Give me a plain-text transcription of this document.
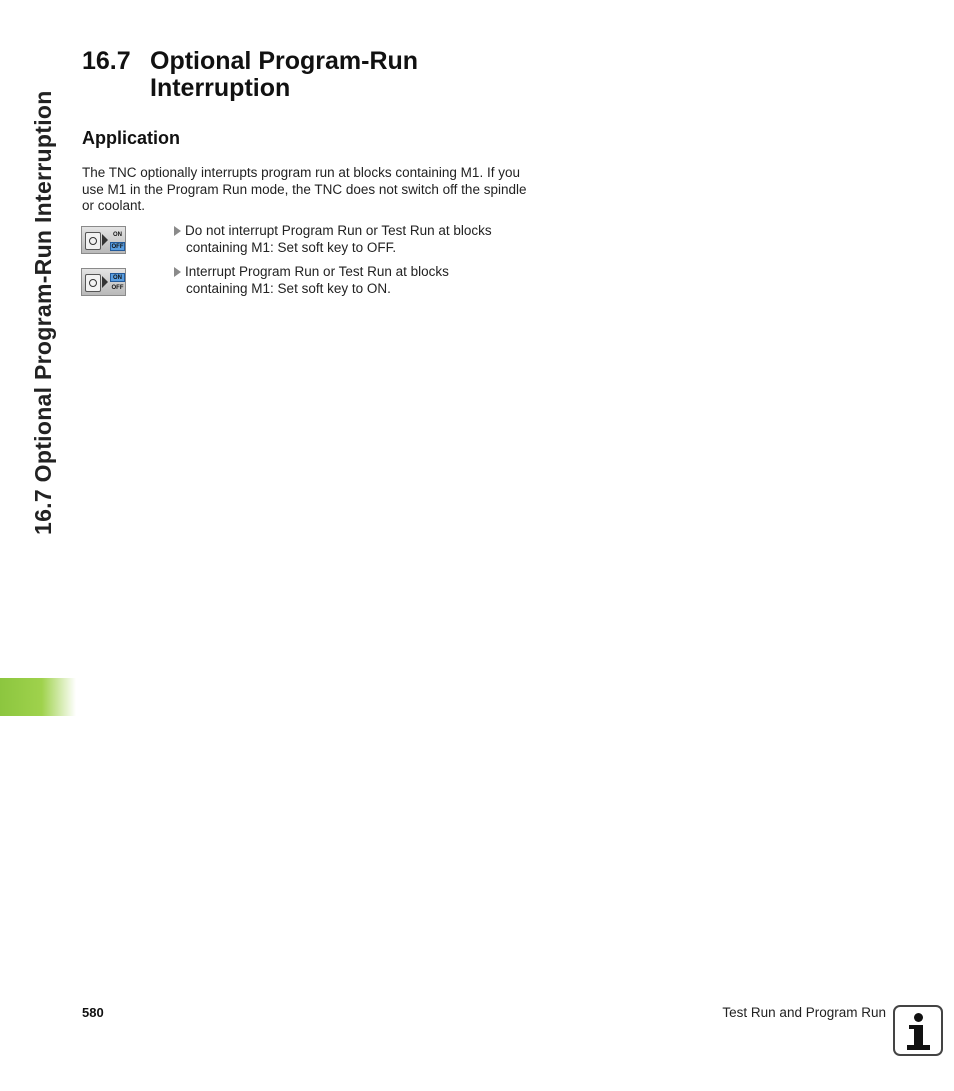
16.7 Optional Program-Run Interruption
16.7 Optional Program-Run Interruption
Application
The TNC optionally interrupts program run at blocks containing M1. If you use M1 in the Program Run mode, the TNC does not switch off the spindle or coolant.
ON
OFF
Do not interrupt Program Run or Test Run at blocks
containing M1: Set soft key to OFF.
ON
OFF
Interrupt Program Run or Test Run at blocks
containing M1: Set soft key to ON.
580	Test Run and Program Run
